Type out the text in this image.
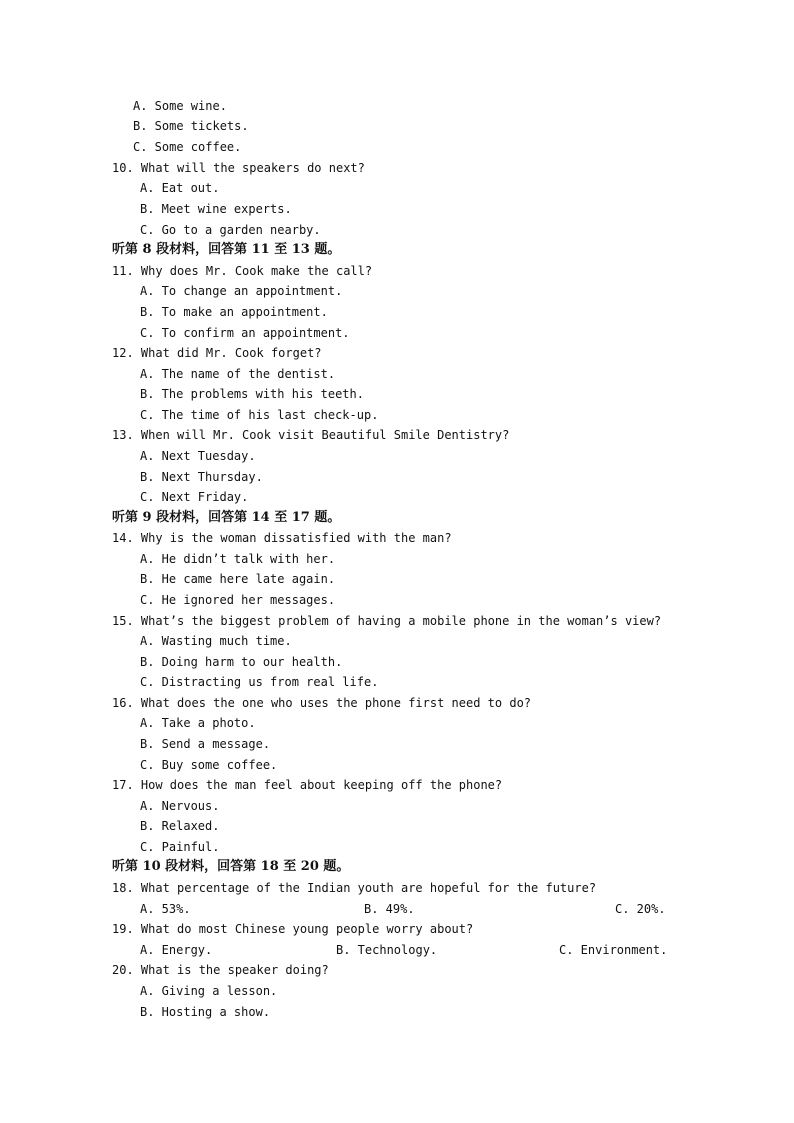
A. Some wine.
B. Some tickets.
C. Some coffee.
10. What will the speakers do next?
A. Eat out.
B. Meet wine experts.
C. Go to a garden nearby.
听第 8 段材料，回答第 11 至 13 题。
11. Why does Mr. Cook make the call?
A. To change an appointment.
B. To make an appointment.
C. To confirm an appointment.
12. What did Mr. Cook forget?
A. The name of the dentist.
B. The problems with his teeth.
C. The time of his last check-up.
13. When will Mr. Cook visit Beautiful Smile Dentistry?
A. Next Tuesday.
B. Next Thursday.
C. Next Friday.
听第 9 段材料，回答第 14 至 17 题。
14. Why is the woman dissatisfied with the man?
A. He didn’t talk with her.
B. He came here late again.
C. He ignored her messages.
15. What’s the biggest problem of having a mobile phone in the woman’s view?
A. Wasting much time.
B. Doing harm to our health.
C. Distracting us from real life.
16. What does the one who uses the phone first need to do?
A. Take a photo.
B. Send a message.
C. Buy some coffee.
17. How does the man feel about keeping off the phone?
A. Nervous.
B. Relaxed.
C. Painful.
听第 10 段材料，回答第 18 至 20 题。
18. What percentage of the Indian youth are hopeful for the future?
A. 53%.	B. 49%.	C. 20%.
19. What do most Chinese young people worry about?
A. Energy.	B. Technology.	C. Environment.
20. What is the speaker doing?
A. Giving a lesson.
B. Hosting a show.
